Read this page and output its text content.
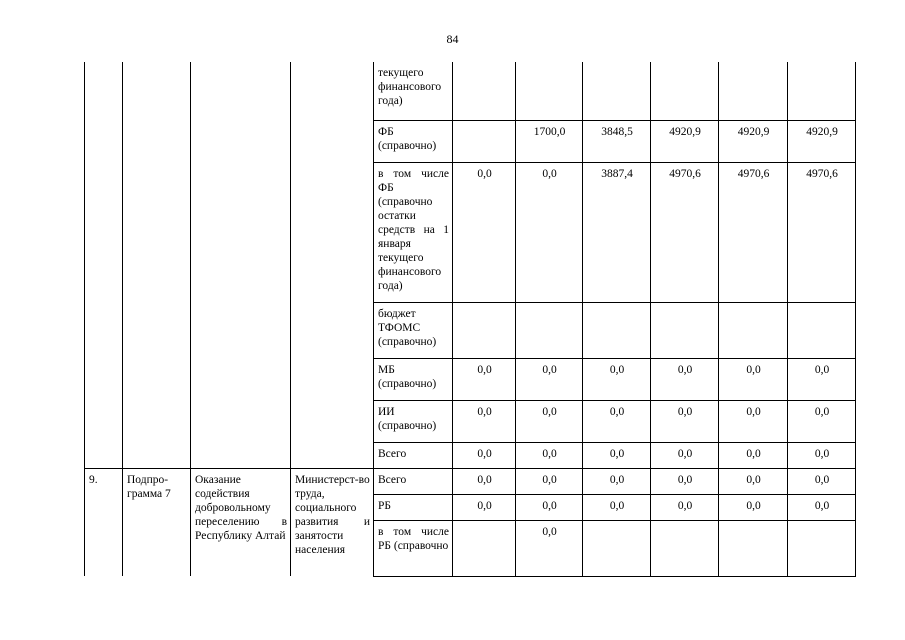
84
				текущего финансового года)						
				ФБ (справочно)		1700,0	3848,5	4920,9	4920,9	4920,9
				в том числе ФБ (справочно остатки средств на 1 января текущего финансового года)	0,0	0,0	3887,4	4970,6	4970,6	4970,6
				бюджет ТФОМС (справочно)						
				МБ (справочно)	0,0	0,0	0,0	0,0	0,0	0,0
				ИИ (справочно)	0,0	0,0	0,0	0,0	0,0	0,0
				Всего	0,0	0,0	0,0	0,0	0,0	0,0
9.	Подпро-грамма 7	Оказание содействия добровольному переселению в Республику Алтай	Министерст-во труда, социального развития и занятости населения	Всего	0,0	0,0	0,0	0,0	0,0	0,0
				РБ	0,0	0,0	0,0	0,0	0,0	0,0
				в том числе РБ (справочно		0,0				
